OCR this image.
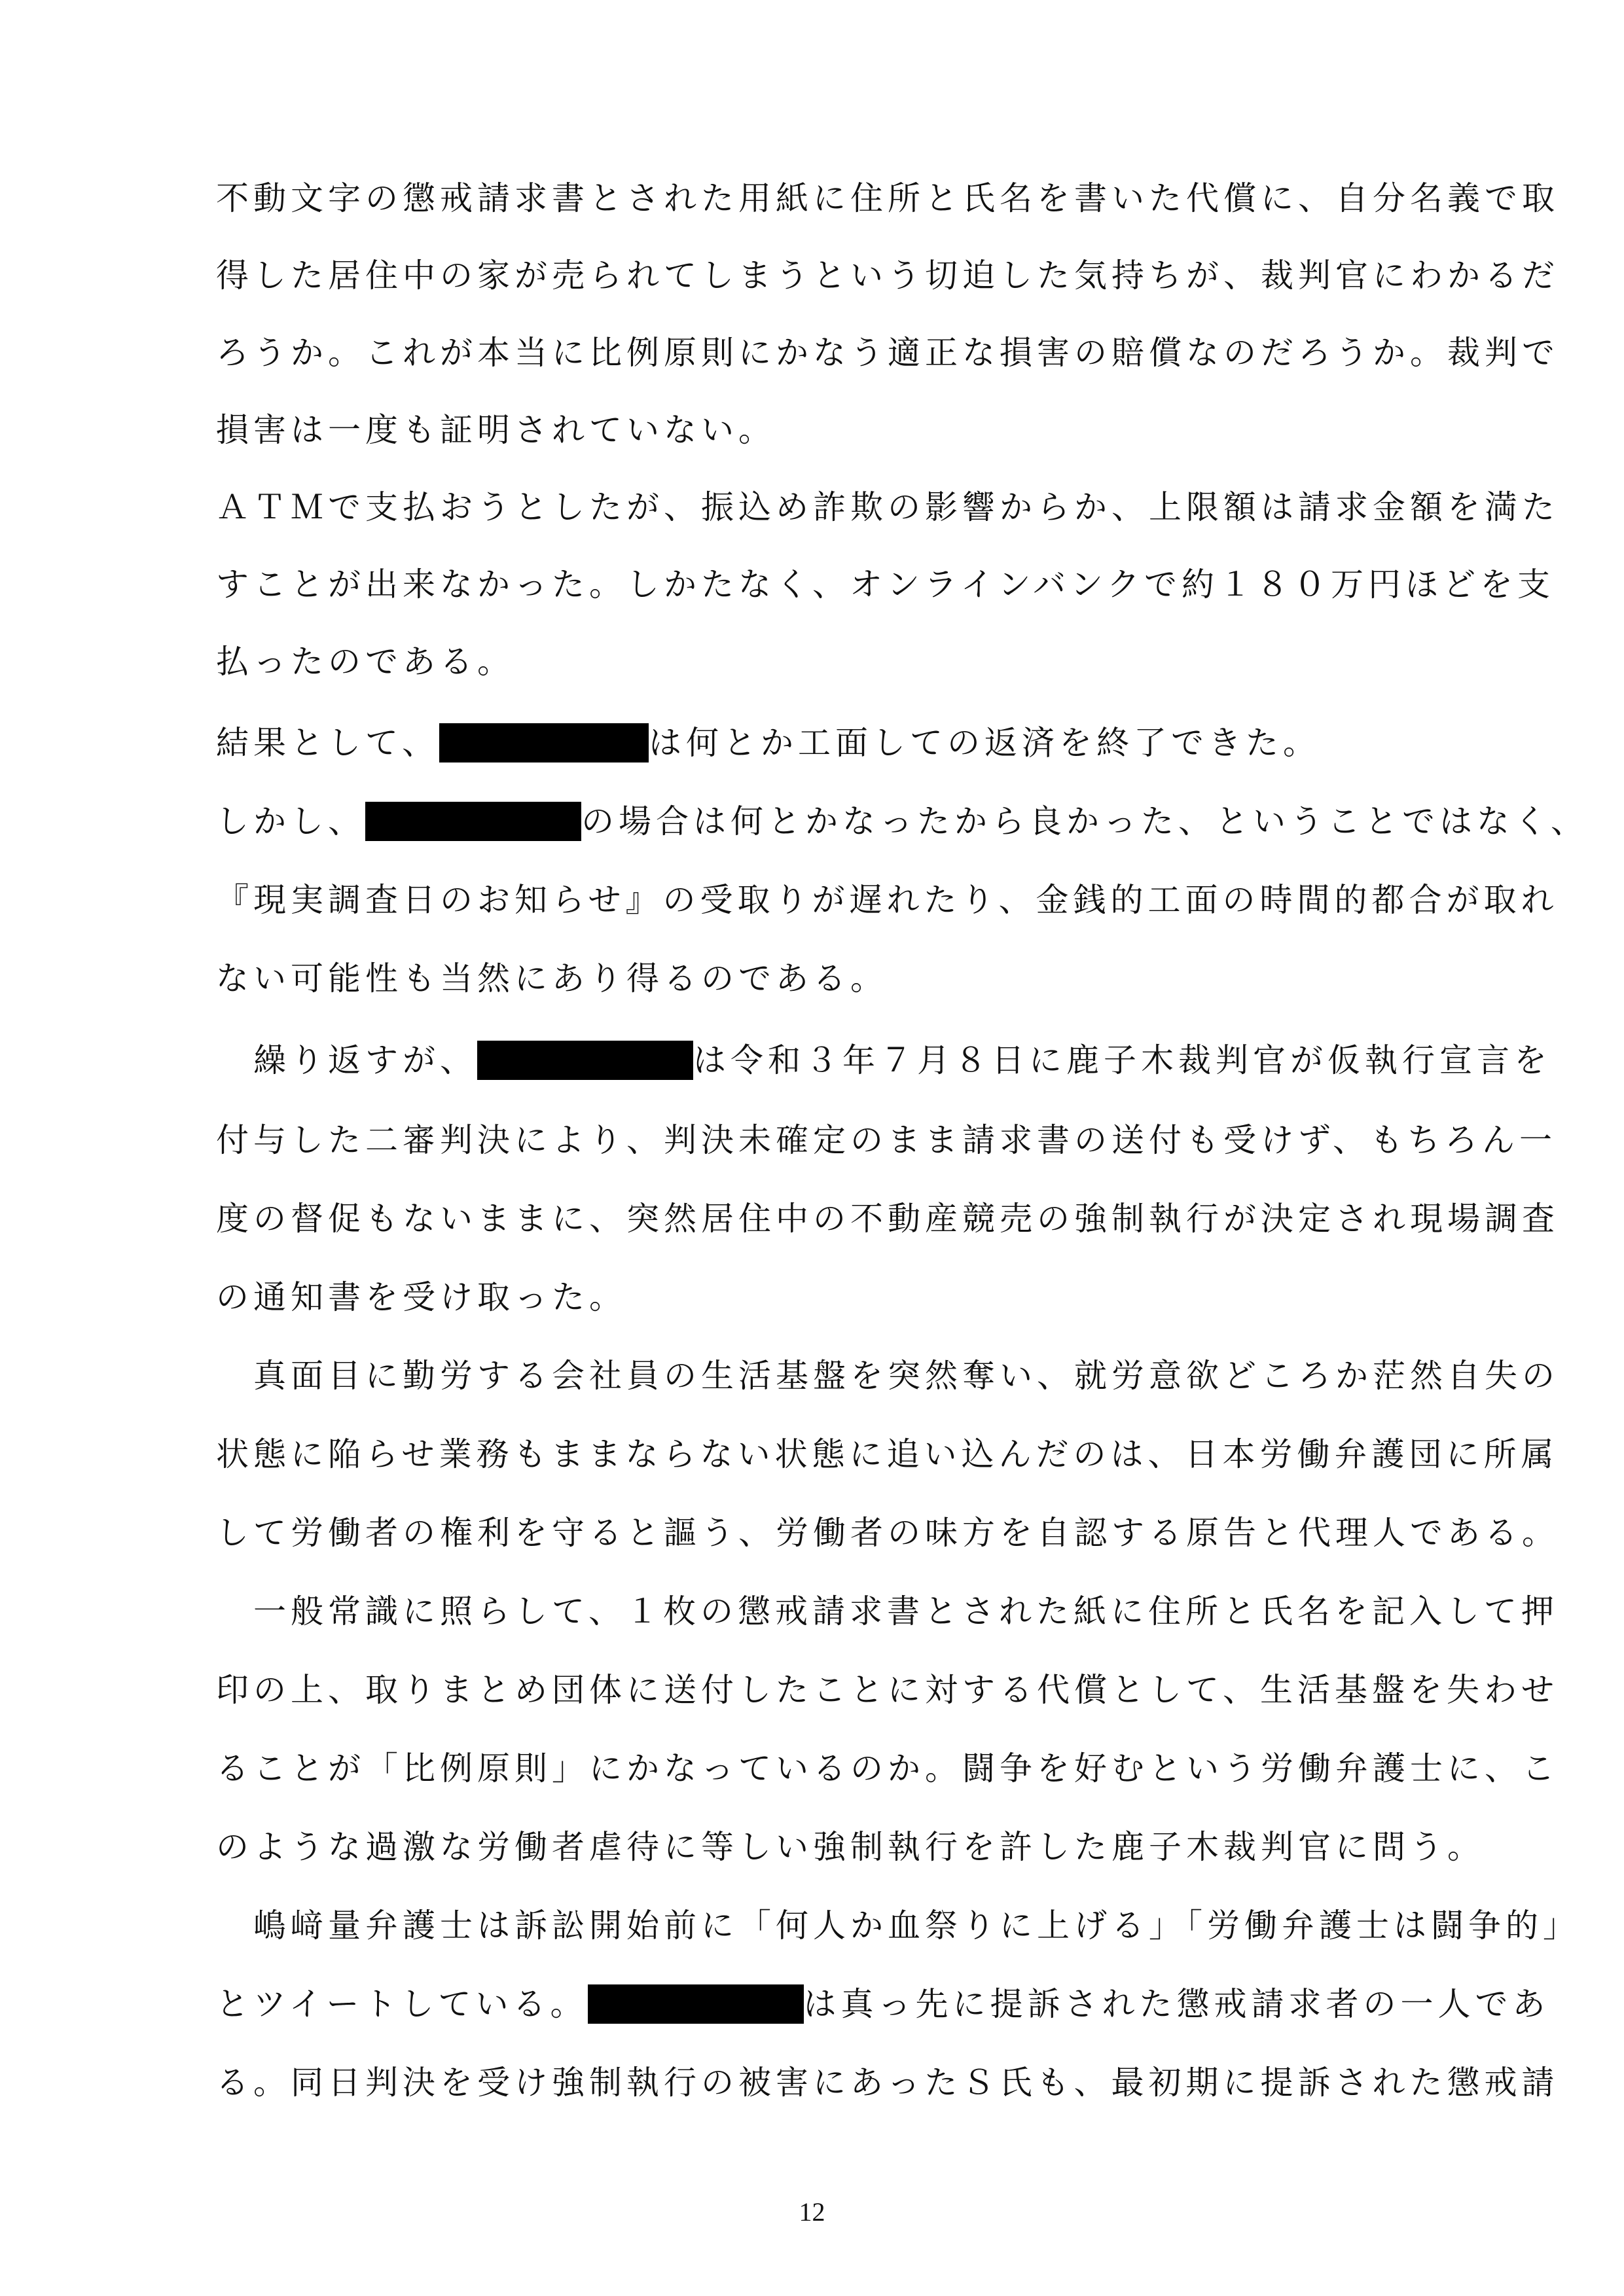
不動文字の懲戒請求書とされた用紙に住所と氏名を書いた代償に、自分名義で取
得した居住中の家が売られてしまうという切迫した気持ちが、裁判官にわかるだ
ろうか。これが本当に比例原則にかなう適正な損害の賠償なのだろうか。裁判で
損害は一度も証明されていない。
ＡＴＭで支払おうとしたが、振込め詐欺の影響からか、上限額は請求金額を満た
すことが出来なかった。しかたなく、オンラインバンクで約１８０万円ほどを支
払ったのである。
結果として、	は何とか工面しての返済を終了できた。
しかし、	の場合は何とかなったから良かった、ということではなく、
『現実調査日のお知らせ』の受取りが遅れたり、金銭的工面の時間的都合が取れ
ない可能性も当然にあり得るのである。
　繰り返すが、	は令和３年７月８日に鹿子木裁判官が仮執行宣言を
付与した二審判決により、判決未確定のまま請求書の送付も受けず、もちろん一
度の督促もないままに、突然居住中の不動産競売の強制執行が決定され現場調査
の通知書を受け取った。
　真面目に勤労する会社員の生活基盤を突然奪い、就労意欲どころか茫然自失の
状態に陥らせ業務もままならない状態に追い込んだのは、日本労働弁護団に所属
して労働者の権利を守ると謳う、労働者の味方を自認する原告と代理人である。
　一般常識に照らして、１枚の懲戒請求書とされた紙に住所と氏名を記入して押
印の上、取りまとめ団体に送付したことに対する代償として、生活基盤を失わせ
ることが「比例原則」にかなっているのか。闘争を好むという労働弁護士に、こ
のような過激な労働者虐待に等しい強制執行を許した鹿子木裁判官に問う。
　嶋﨑量弁護士は訴訟開始前に「何人か血祭りに上げる」「労働弁護士は闘争的」
とツイートしている。	は真っ先に提訴された懲戒請求者の一人であ
る。同日判決を受け強制執行の被害にあったＳ氏も、最初期に提訴された懲戒請
12
